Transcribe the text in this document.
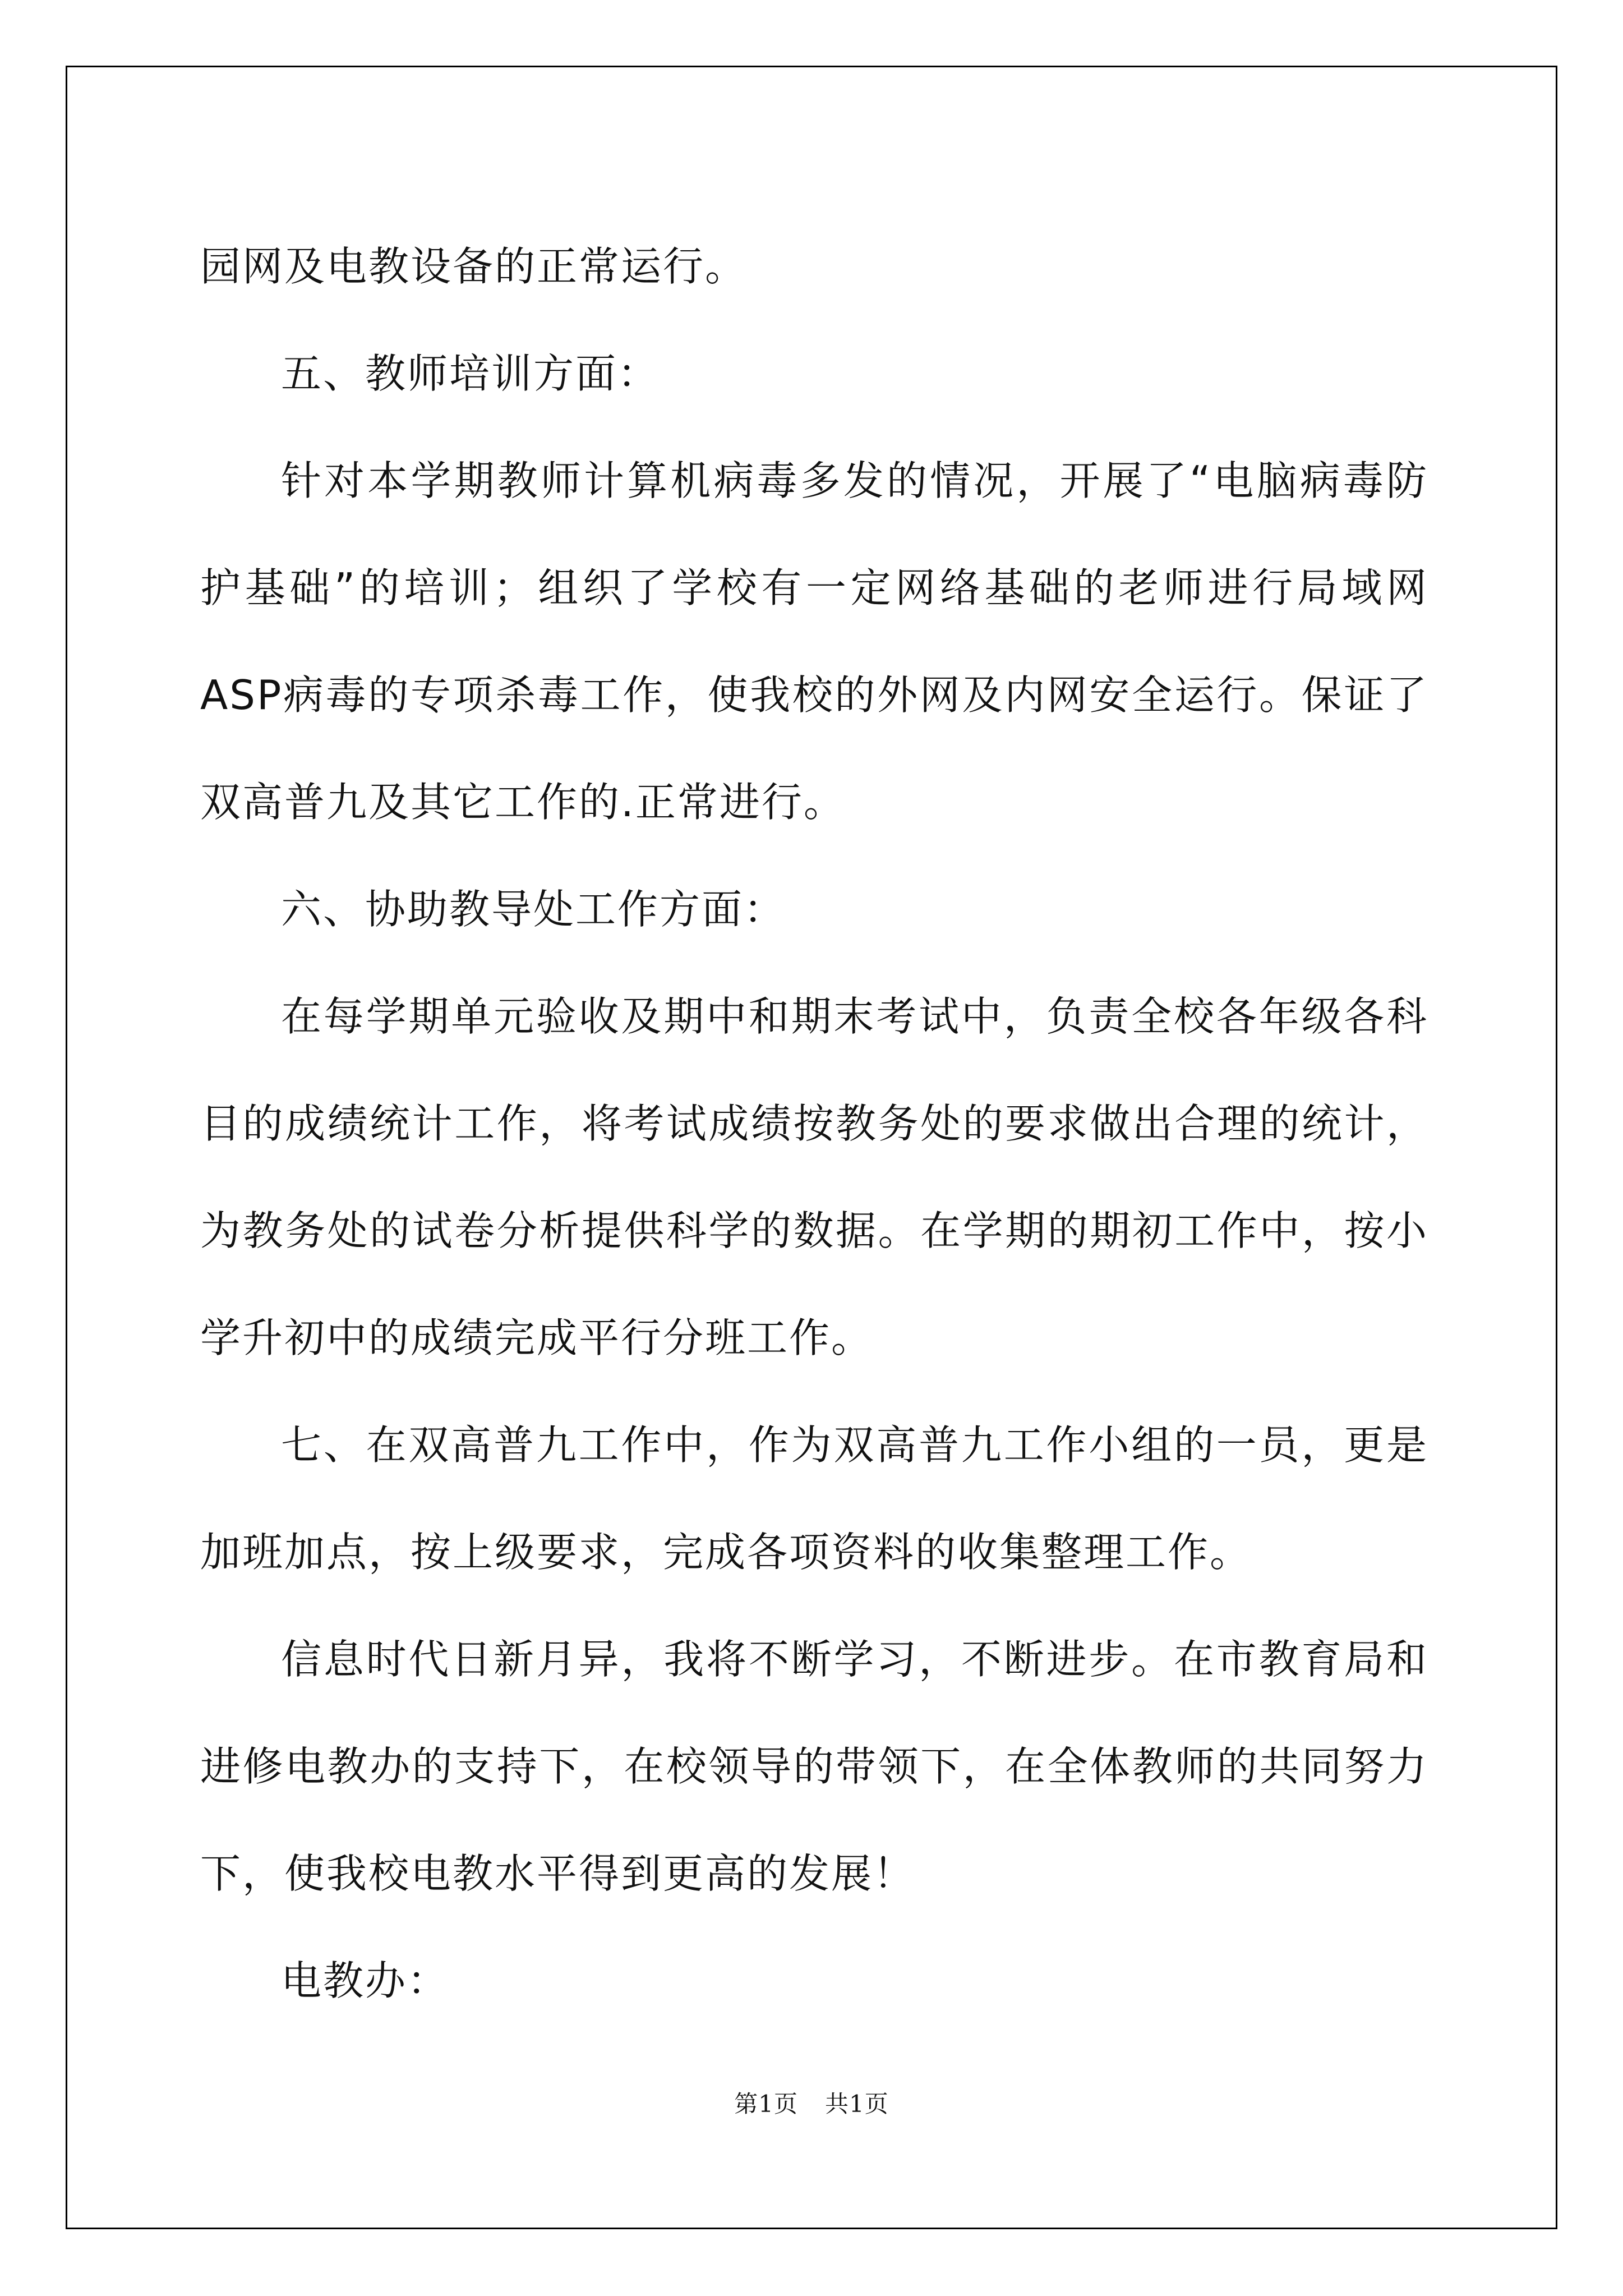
园网及电教设备的正常运行。

五、教师培训方面：

针对本学期教师计算机病毒多发的情况，开展了“电脑病毒防护基础”的培训；组织了学校有一定网络基础的老师进行局域网ASP病毒的专项杀毒工作，使我校的外网及内网安全运行。保证了双高普九及其它工作的.正常进行。

六、协助教导处工作方面：

在每学期单元验收及期中和期末考试中，负责全校各年级各科目的成绩统计工作，将考试成绩按教务处的要求做出合理的统计，为教务处的试卷分析提供科学的数据。在学期的期初工作中，按小学升初中的成绩完成平行分班工作。

七、在双高普九工作中，作为双高普九工作小组的一员，更是加班加点，按上级要求，完成各项资料的收集整理工作。

信息时代日新月异，我将不断学习，不断进步。在市教育局和进修电教办的支持下，在校领导的带领下，在全体教师的共同努力下，使我校电教水平得到更高的发展！

电教办：

第1页 共1页
